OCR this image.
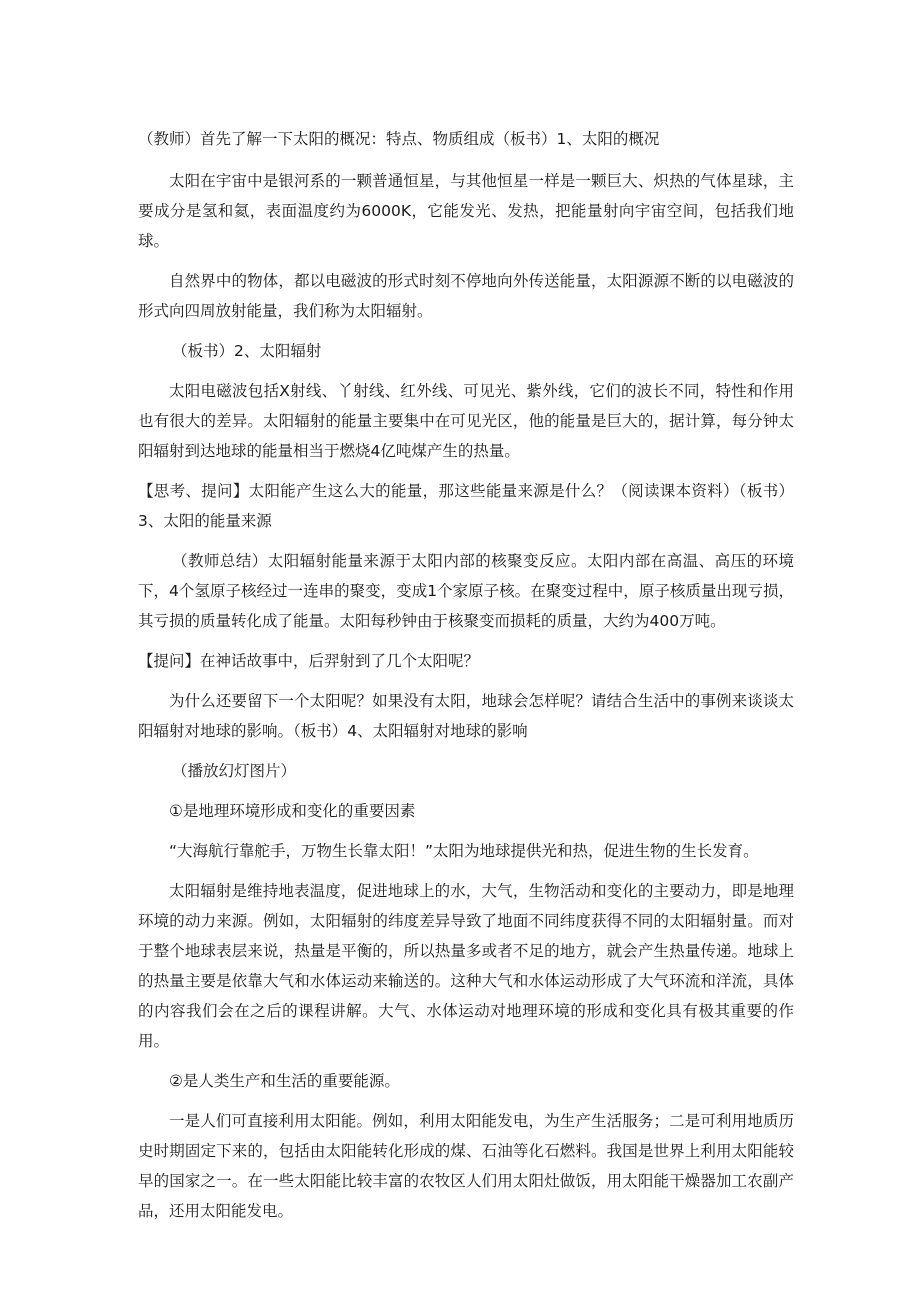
（教师）首先了解一下太阳的概况：特点、物质组成（板书）1、太阳的概况

太阳在宇宙中是银河系的一颗普通恒星，与其他恒星一样是一颗巨大、炽热的气体星球，主要成分是氢和氦，表面温度约为6000K，它能发光、发热，把能量射向宇宙空间，包括我们地球。

自然界中的物体，都以电磁波的形式时刻不停地向外传送能量，太阳源源不断的以电磁波的形式向四周放射能量，我们称为太阳辐射。

（板书）2、太阳辐射

太阳电磁波包括X射线、丫射线、红外线、可见光、紫外线，它们的波长不同，特性和作用也有很大的差异。太阳辐射的能量主要集中在可见光区，他的能量是巨大的，据计算，每分钟太阳辐射到达地球的能量相当于燃烧4亿吨煤产生的热量。

【思考、提问】太阳能产生这么大的能量，那这些能量来源是什么？（阅读课本资料）（板书）3、太阳的能量来源

（教师总结）太阳辐射能量来源于太阳内部的核聚变反应。太阳内部在高温、高压的环境下，4个氢原子核经过一连串的聚变，变成1个家原子核。在聚变过程中，原子核质量出现亏损，其亏损的质量转化成了能量。太阳每秒钟由于核聚变而损耗的质量，大约为400万吨。

【提问】在神话故事中，后羿射到了几个太阳呢？

为什么还要留下一个太阳呢？如果没有太阳，地球会怎样呢？请结合生活中的事例来谈谈太阳辐射对地球的影响。（板书）4、太阳辐射对地球的影响

（播放幻灯图片）

①是地理环境形成和变化的重要因素

“大海航行靠舵手，万物生长靠太阳！”太阳为地球提供光和热，促进生物的生长发育。

太阳辐射是维持地表温度，促进地球上的水，大气，生物活动和变化的主要动力，即是地理环境的动力来源。例如，太阳辐射的纬度差异导致了地面不同纬度获得不同的太阳辐射量。而对于整个地球表层来说，热量是平衡的，所以热量多或者不足的地方，就会产生热量传递。地球上的热量主要是依靠大气和水体运动来输送的。这种大气和水体运动形成了大气环流和洋流，具体的内容我们会在之后的课程讲解。大气、水体运动对地理环境的形成和变化具有极其重要的作用。

②是人类生产和生活的重要能源。

一是人们可直接利用太阳能。例如，利用太阳能发电，为生产生活服务；二是可利用地质历史时期固定下来的，包括由太阳能转化形成的煤、石油等化石燃料。我国是世界上利用太阳能较早的国家之一。在一些太阳能比较丰富的农牧区人们用太阳灶做饭，用太阳能干燥器加工农副产品，还用太阳能发电。
